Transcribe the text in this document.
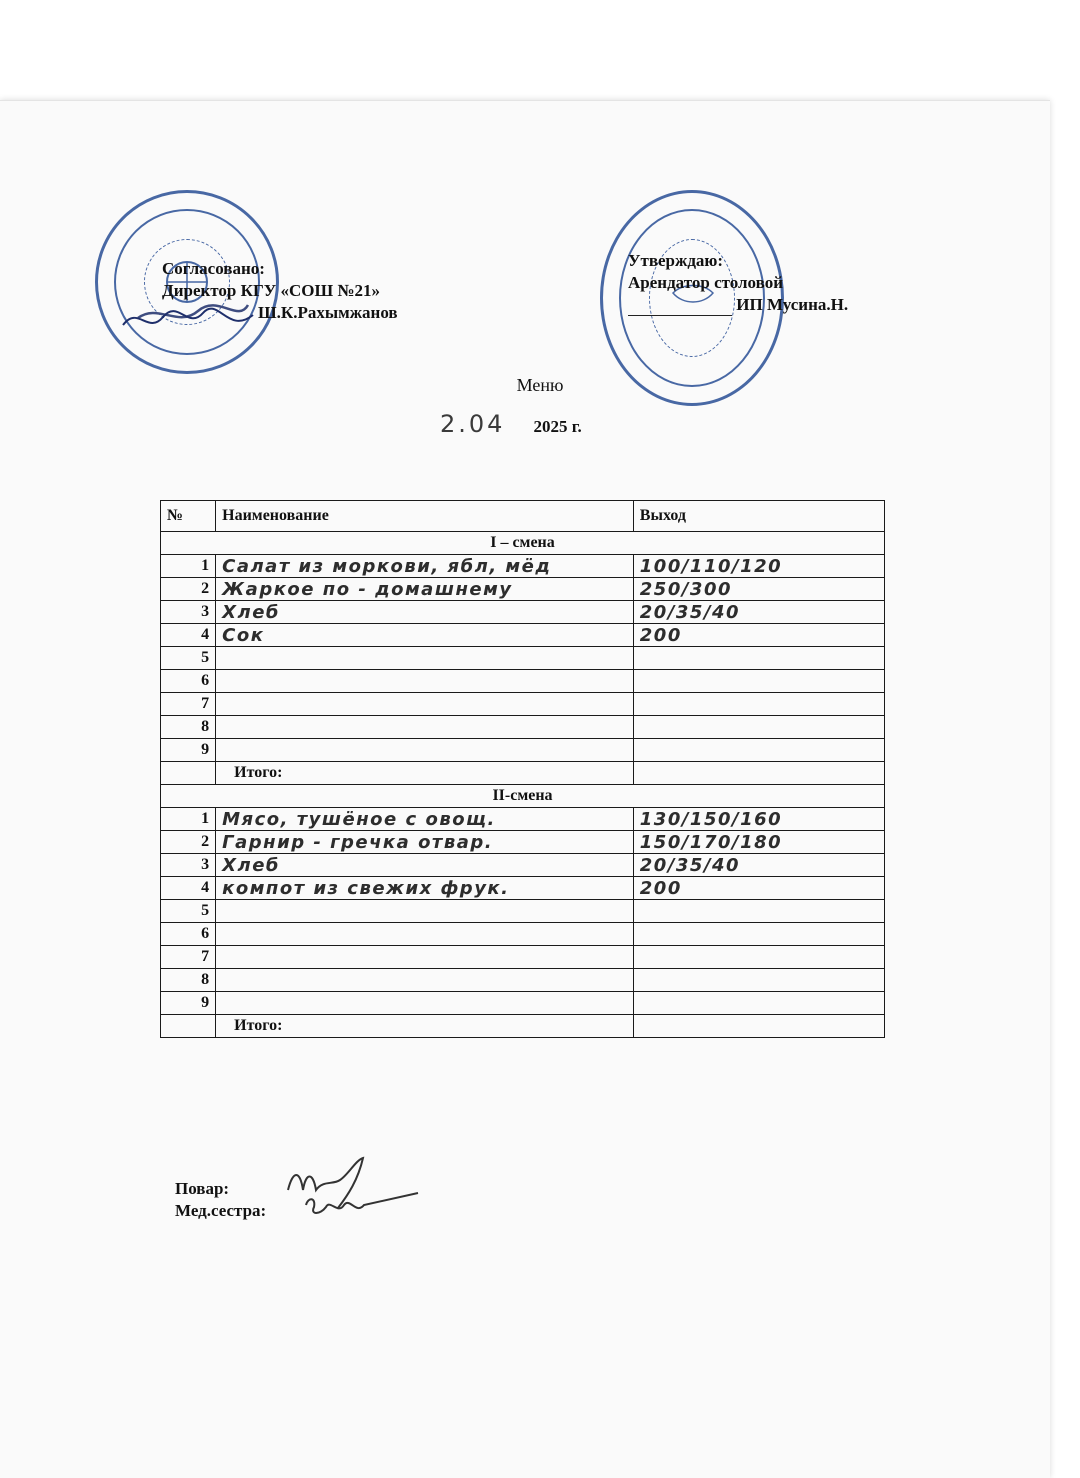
Согласовано:
Директор КГУ «СОШ №21»
Ш.К.Рахымжанов
Утверждаю:
Арендатор столовой
ИП Мусина.Н.
Меню
2.04 2025 г.
№	Наименование	Выход
I – смена		
1	Салат из моркови, ябл, мёд	100/110/120
2	Жаркое по - домашнему	250/300
3	Хлеб	20/35/40
4	Сок	200
5		
6		
7		
8		
9		
	Итого:	
II-смена		
1	Мясо, тушёное с овощ.	130/150/160
2	Гарнир - гречка отвар.	150/170/180
3	Хлеб	20/35/40
4	компот из свежих фрук.	200
5		
6		
7		
8		
9		
	Итого:	
Повар:
Мед.сестра:
